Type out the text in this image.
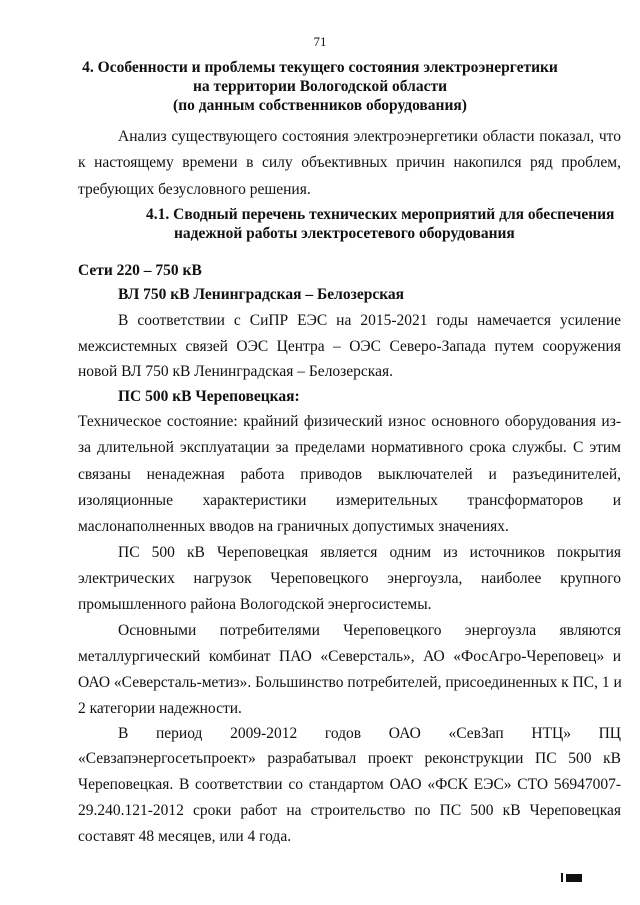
71

4. Особенности и проблемы текущего состояния электроэнергетики

на территории Вологодской области

(по данным собственников оборудования)

Анализ существующего состояния электроэнергетики области показал, что

к настоящему времени в силу объективных причин накопился ряд проблем,

требующих безусловного решения.

4.1. Сводный перечень технических мероприятий для обеспечения

надежной работы электросетевого оборудования

Сети 220 – 750 кВ

ВЛ 750 кВ Ленинградская – Белозерская

В соответствии с СиПР ЕЭС на 2015-2021 годы намечается усиление

межсистемных связей ОЭС Центра – ОЭС Северо-Запада путем сооружения

новой ВЛ 750 кВ Ленинградская – Белозерская.

ПС 500 кВ Череповецкая:

Техническое состояние: крайний физический износ основного оборудования из-

за длительной эксплуатации за пределами нормативного срока службы. С этим

связаны ненадежная работа приводов выключателей и разъединителей,

изоляционные характеристики измерительных трансформаторов и

маслонаполненных вводов на граничных допустимых значениях.

ПС 500 кВ Череповецкая является одним из источников покрытия

электрических нагрузок Череповецкого энергоузла, наиболее крупного

промышленного района Вологодской энергосистемы.

Основными потребителями Череповецкого энергоузла являются

металлургический комбинат ПАО «Северсталь», АО «ФосАгро-Череповец» и

ОАО «Северсталь-метиз». Большинство потребителей, присоединенных к ПС, 1 и

2 категории надежности.

В период 2009-2012 годов ОАО «СевЗап НТЦ» ПЦ

«Севзапэнергосетьпроект» разрабатывал проект реконструкции ПС 500 кВ

Череповецкая. В соответствии со стандартом ОАО «ФСК ЕЭС» СТО 56947007-

29.240.121-2012 сроки работ на строительство по ПС 500 кВ Череповецкая

составят 48 месяцев, или 4 года.
